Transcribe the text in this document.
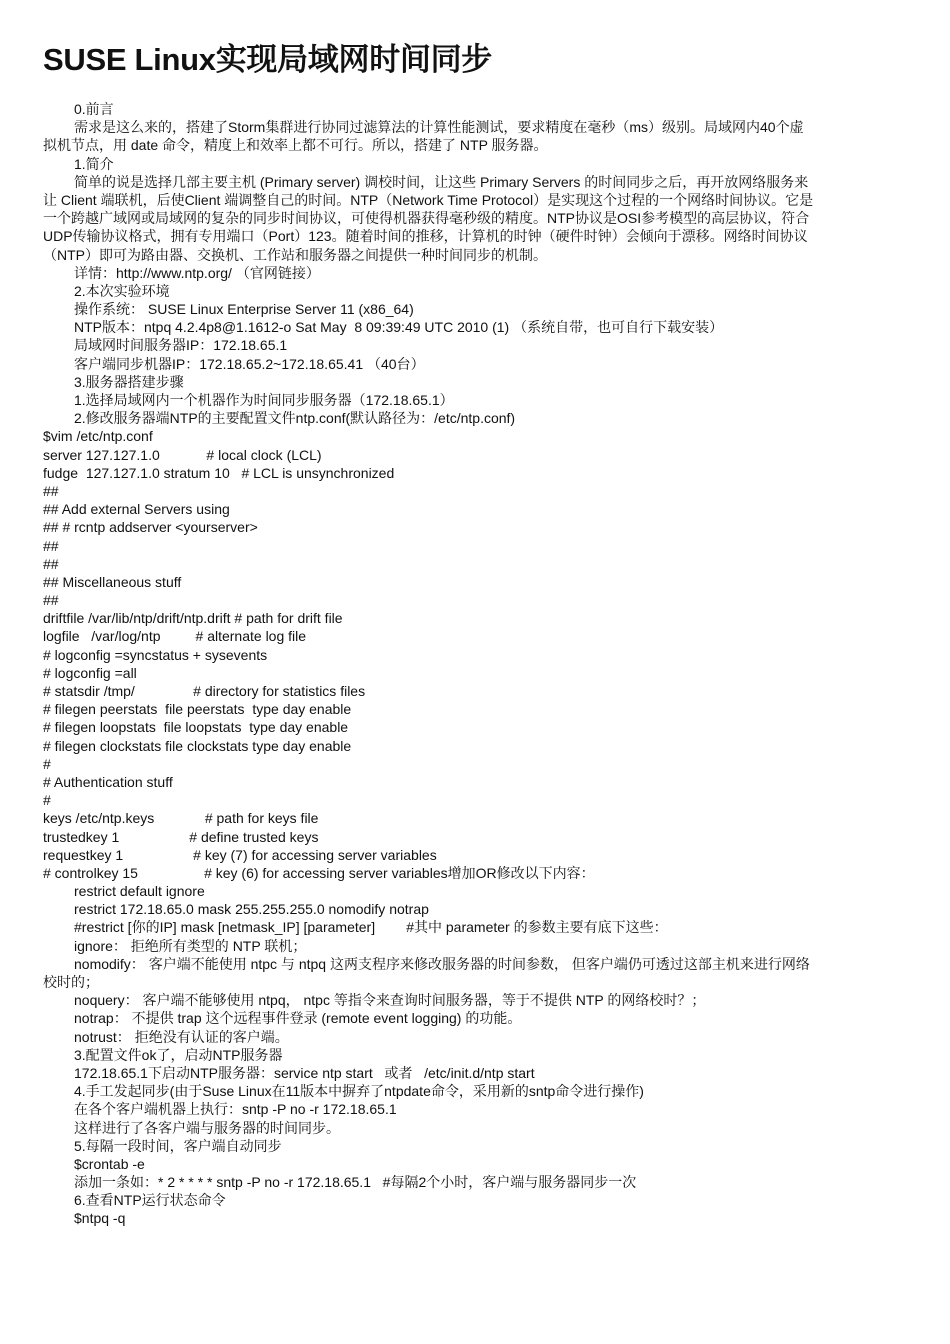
SUSE Linux实现局域网时间同步

0.前言

需求是这么来的，搭建了Storm集群进行协同过滤算法的计算性能测试，要求精度在毫秒（ms）级别。局域网内40个虚

拟机节点，用 date 命令，精度上和效率上都不可行。所以，搭建了 NTP 服务器。

1.简介

简单的说是选择几部主要主机 (Primary server) 调校时间，让这些 Primary Servers 的时间同步之后，再开放网络服务来

让 Client 端联机，后使Client 端调整自己的时间。NTP（Network Time Protocol）是实现这个过程的一个网络时间协议。它是

一个跨越广域网或局域网的复杂的同步时间协议，可使得机器获得毫秒级的精度。NTP协议是OSI参考模型的高层协议，符合

UDP传输协议格式，拥有专用端口（Port）123。随着时间的推移，计算机的时钟（硬件时钟）会倾向于漂移。网络时间协议

（NTP）即可为路由器、交换机、工作站和服务器之间提供一种时间同步的机制。

详情：http://www.ntp.org/ （官网链接）

2.本次实验环境

操作系统： SUSE Linux Enterprise Server 11 (x86_64)

NTP版本：ntpq 4.2.4p8@1.1612-o Sat May  8 09:39:49 UTC 2010 (1) （系统自带，也可自行下载安装）

局域网时间服务器IP：172.18.65.1

客户端同步机器IP：172.18.65.2~172.18.65.41 （40台）

3.服务器搭建步骤

1.选择局域网内一个机器作为时间同步服务器（172.18.65.1）

2.修改服务器端NTP的主要配置文件ntp.conf(默认路径为：/etc/ntp.conf)

$vim /etc/ntp.conf

server 127.127.1.0            # local clock (LCL)

fudge  127.127.1.0 stratum 10   # LCL is unsynchronized

##

## Add external Servers using

## # rcntp addserver <yourserver>

##

##

## Miscellaneous stuff

##

driftfile /var/lib/ntp/drift/ntp.drift # path for drift file

logfile   /var/log/ntp         # alternate log file

# logconfig =syncstatus + sysevents

# logconfig =all

# statsdir /tmp/               # directory for statistics files

# filegen peerstats  file peerstats  type day enable

# filegen loopstats  file loopstats  type day enable

# filegen clockstats file clockstats type day enable

#

# Authentication stuff

#

keys /etc/ntp.keys             # path for keys file

trustedkey 1                  # define trusted keys

requestkey 1                  # key (7) for accessing server variables

# controlkey 15                 # key (6) for accessing server variables增加OR修改以下内容：

restrict default ignore

restrict 172.18.65.0 mask 255.255.255.0 nomodify notrap

#restrict [你的IP] mask [netmask_IP] [parameter]        #其中 parameter 的参数主要有底下这些：

ignore： 拒绝所有类型的 NTP 联机；

nomodify： 客户端不能使用 ntpc 与 ntpq 这两支程序来修改服务器的时间参数， 但客户端仍可透过这部主机来进行网络

校时的；

noquery： 客户端不能够使用 ntpq， ntpc 等指令来查询时间服务器，等于不提供 NTP 的网络校时？；

notrap： 不提供 trap 这个远程事件登录 (remote event logging) 的功能。

notrust： 拒绝没有认证的客户端。

3.配置文件ok了，启动NTP服务器

172.18.65.1下启动NTP服务器：service ntp start   或者   /etc/init.d/ntp start

4.手工发起同步(由于Suse Linux在11版本中摒弃了ntpdate命令，采用新的sntp命令进行操作)

在各个客户端机器上执行：sntp -P no -r 172.18.65.1

这样进行了各客户端与服务器的时间同步。

5.每隔一段时间，客户端自动同步

$crontab -e

添加一条如：* 2 * * * * sntp -P no -r 172.18.65.1   #每隔2个小时，客户端与服务器同步一次

6.查看NTP运行状态命令

$ntpq -q
